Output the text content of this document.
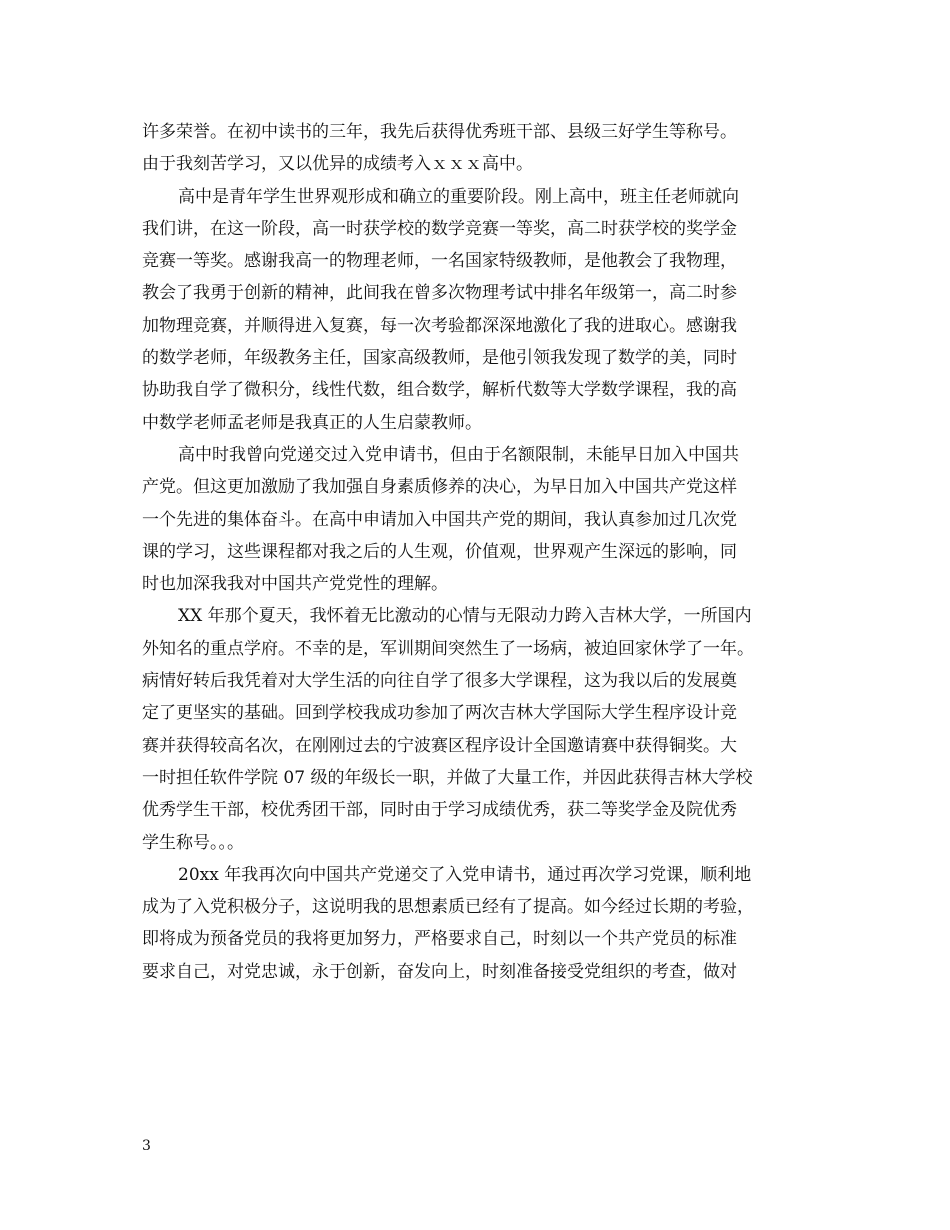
许多荣誉。在初中读书的三年，我先后获得优秀班干部、县级三好学生等称号。
由于我刻苦学习，又以优异的成绩考入ｘｘｘ高中。
高中是青年学生世界观形成和确立的重要阶段。刚上高中，班主任老师就向
我们讲，在这一阶段，高一时获学校的数学竞赛一等奖，高二时获学校的奖学金
竞赛一等奖。感谢我高一的物理老师，一名国家特级教师，是他教会了我物理，
教会了我勇于创新的精神，此间我在曾多次物理考试中排名年级第一，高二时参
加物理竞赛，并顺得进入复赛，每一次考验都深深地激化了我的进取心。感谢我
的数学老师，年级教务主任，国家高级教师，是他引领我发现了数学的美，同时
协助我自学了微积分，线性代数，组合数学，解析代数等大学数学课程，我的高
中数学老师孟老师是我真正的人生启蒙教师。
高中时我曾向党递交过入党申请书，但由于名额限制，未能早日加入中国共
产党。但这更加激励了我加强自身素质修养的决心，为早日加入中国共产党这样
一个先进的集体奋斗。在高中申请加入中国共产党的期间，我认真参加过几次党
课的学习，这些课程都对我之后的人生观，价值观，世界观产生深远的影响，同
时也加深我我对中国共产党党性的理解。
XX 年那个夏天，我怀着无比激动的心情与无限动力跨入吉林大学，一所国内
外知名的重点学府。不幸的是，军训期间突然生了一场病，被迫回家休学了一年。
病情好转后我凭着对大学生活的向往自学了很多大学课程，这为我以后的发展奠
定了更坚实的基础。回到学校我成功参加了两次吉林大学国际大学生程序设计竞
赛并获得较高名次，在刚刚过去的宁波赛区程序设计全国邀请赛中获得铜奖。大
一时担任软件学院 07 级的年级长一职，并做了大量工作，并因此获得吉林大学校
优秀学生干部，校优秀团干部，同时由于学习成绩优秀，获二等奖学金及院优秀
学生称号。。。
20xx 年我再次向中国共产党递交了入党申请书，通过再次学习党课，顺利地
成为了入党积极分子，这说明我的思想素质已经有了提高。如今经过长期的考验，
即将成为预备党员的我将更加努力，严格要求自己，时刻以一个共产党员的标准
要求自己，对党忠诚，永于创新，奋发向上，时刻准备接受党组织的考查，做对
3
